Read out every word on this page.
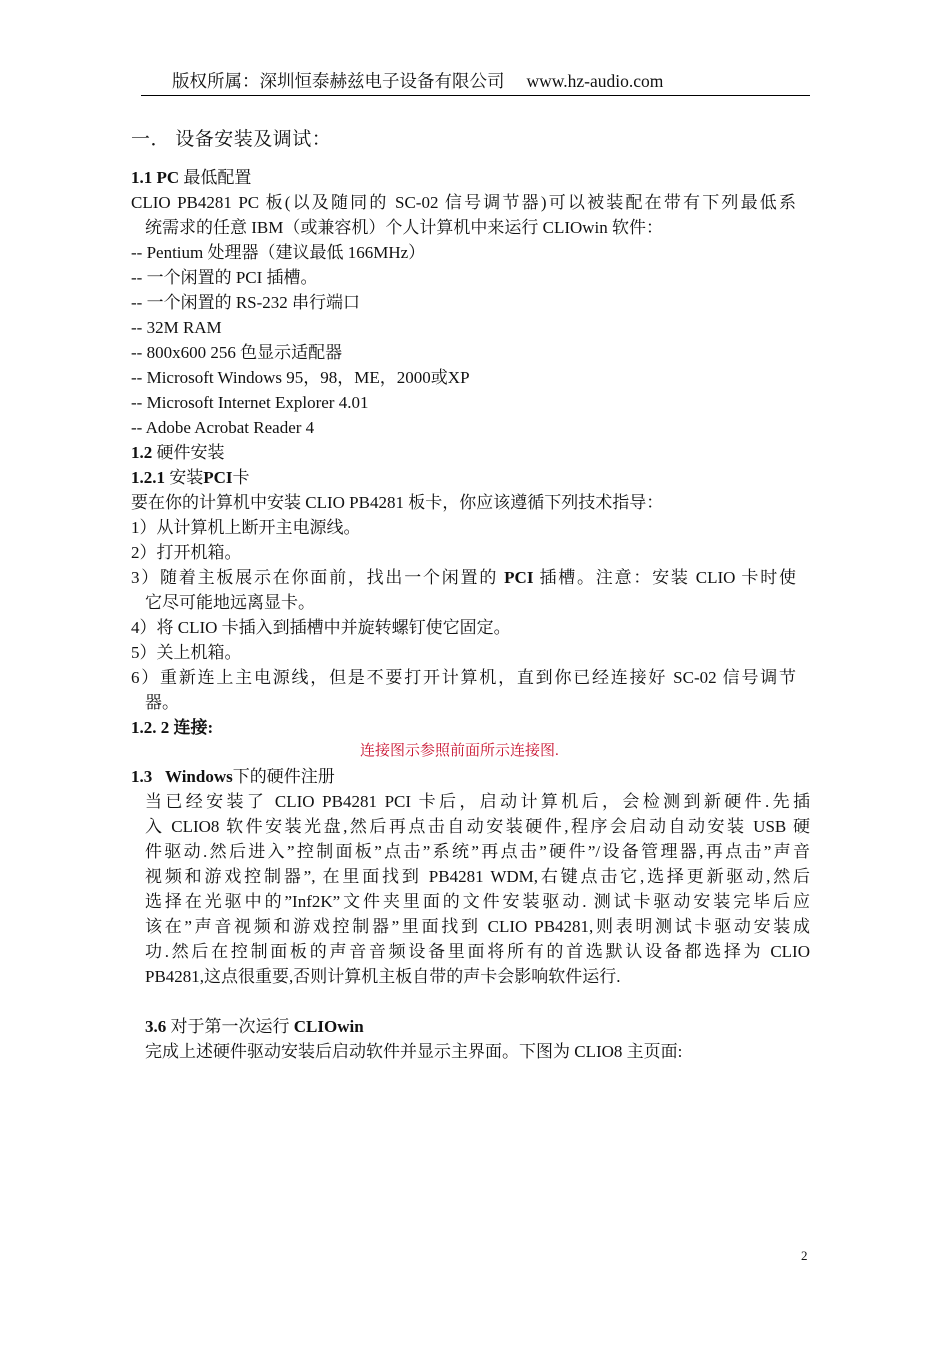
版权所属：深圳恒泰赫兹电子设备有限公司 www.hz-audio.com
一． 设备安装及调试：
1.1 PC 最低配置
CLIO PB4281 PC 板(以及随同的 SC-02 信号调节器)可以被装配在带有下列最低系
统需求的任意 IBM（或兼容机）个人计算机中来运行 CLIOwin 软件：
-- Pentium 处理器（建议最低 166MHz）
-- 一个闲置的 PCI 插槽。
-- 一个闲置的 RS-232 串行端口
-- 32M RAM
-- 800x600 256 色显示适配器
-- Microsoft Windows 95，98，ME，2000或XP
-- Microsoft Internet Explorer 4.01
-- Adobe Acrobat Reader 4
1.2 硬件安装
1.2.1 安装PCI卡
要在你的计算机中安装 CLIO PB4281 板卡，你应该遵循下列技术指导：
1）从计算机上断开主电源线。
2）打开机箱。
3）随着主板展示在你面前，找出一个闲置的 PCI 插槽。注意：安装 CLIO 卡时使
它尽可能地远离显卡。
4）将 CLIO 卡插入到插槽中并旋转螺钉使它固定。
5）关上机箱。
6）重新连上主电源线，但是不要打开计算机，直到你已经连接好 SC-02 信号调节
器。
1.2. 2 连接:
连接图示参照前面所示连接图.
1.3 Windows下的硬件注册
当已经安装了 CLIO PB4281 PCI 卡后，启动计算机后，会检测到新硬件.先插
入 CLIO8 软件安装光盘,然后再点击自动安装硬件,程序会启动自动安装 USB 硬
件驱动.然后进入”控制面板”点击”系统”再点击”硬件”/设备管理器,再点击”声音
视频和游戏控制器”, 在里面找到 PB4281 WDM,右键点击它,选择更新驱动,然后
选择在光驱中的”Inf2K”文件夹里面的文件安装驱动. 测试卡驱动安装完毕后应
该在”声音视频和游戏控制器”里面找到 CLIO PB4281,则表明测试卡驱动安装成
功.然后在控制面板的声音音频设备里面将所有的首选默认设备都选择为 CLIO
PB4281,这点很重要,否则计算机主板自带的声卡会影响软件运行.
3.6 对于第一次运行 CLIOwin
完成上述硬件驱动安装后启动软件并显示主界面。下图为 CLIO8 主页面:
2
